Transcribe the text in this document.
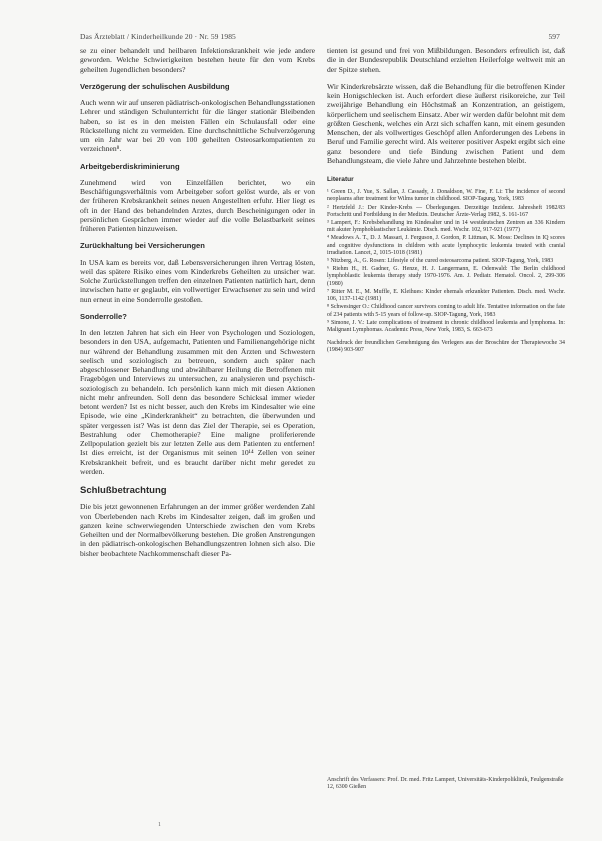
Das Ärzteblatt / Kinderheilkunde 20 · Nr. 59 1985	597

se zu einer behandelt und heilbaren Infektionskrankheit wie jede andere geworden. Welche Schwierigkeiten bestehen heute für den vom Krebs geheilten Jugendlichen besonders?

Verzögerung der schulischen Ausbildung

Auch wenn wir auf unseren pädiatrisch-onkologischen Behandlungsstationen Lehrer und ständigen Schulunterricht für die länger stationär Bleibenden haben, so ist es in den meisten Fällen ein Schulausfall oder eine Rückstellung nicht zu vermeiden. Eine durchschnittliche Schulverzögerung um ein Jahr war bei 20 von 100 geheilten Osteosarkompatienten zu verzeichnen⁸.

Arbeitgeberdiskriminierung

Zunehmend wird von Einzelfällen berichtet, wo ein Beschäftigungsverhältnis vom Arbeitgeber sofort gelöst wurde, als er von der früheren Krebskrankheit seines neuen Angestellten erfuhr. Hier liegt es oft in der Hand des behandelnden Arztes, durch Bescheinigungen oder in persönlichen Gesprächen immer wieder auf die volle Belastbarkeit seines früheren Patienten hinzuweisen.

Zurückhaltung bei Versicherungen

In USA kam es bereits vor, daß Lebensversicherungen ihren Vertrag lösten, weil das spätere Risiko eines vom Kinderkrebs Geheilten zu unsicher war. Solche Zurückstellungen treffen den einzelnen Patienten natürlich hart, denn inzwischen hatte er geglaubt, ein vollwertiger Erwachsener zu sein und wird nun erneut in eine Sonderrolle gestoßen.

Sonderrolle?

In den letzten Jahren hat sich ein Heer von Psychologen und Soziologen, besonders in den USA, aufgemacht, Patienten und Familienangehörige nicht nur während der Behandlung zusammen mit den Ärzten und Schwestern seelisch und soziologisch zu betreuen, sondern auch später nach abgeschlossener Behandlung und abwählbarer Heilung die Betroffenen mit Fragebögen und Interviews zu untersuchen, zu analysieren und psychisch-soziologisch zu behandeln. Ich persönlich kann mich mit diesen Aktionen nicht mehr anfreunden. Soll denn das besondere Schicksal immer wieder betont werden? Ist es nicht besser, auch den Krebs im Kindesalter wie eine Episode, wie eine „Kinderkrankheit“ zu betrachten, die überwunden und später vergessen ist? Was ist denn das Ziel der Therapie, sei es Operation, Bestrahlung oder Chemotherapie? Eine maligne proliferierende Zellpopulation gezielt bis zur letzten Zelle aus dem Patienten zu entfernen! Ist dies erreicht, ist der Organismus mit seinen 10¹⁴ Zellen von seiner Krebskrankheit befreit, und es braucht darüber nicht mehr geredet zu werden.

Schlußbetrachtung

Die bis jetzt gewonnenen Erfahrungen an der immer größer werdenden Zahl von Überlebenden nach Krebs im Kindesalter zeigen, daß im großen und ganzen keine schwerwiegenden Unterschiede zwischen den vom Krebs Geheilten und der Normalbevölkerung bestehen. Die großen Anstrengungen in den pädiatrisch-onkologischen Behandlungszentren lohnen sich also. Die bisher beobachtete Nachkommenschaft dieser Pa-

tienten ist gesund und frei von Mißbildungen. Besonders erfreulich ist, daß die in der Bundesrepublik Deutschland erzielten Heilerfolge weltweit mit an der Spitze stehen.

Wir Kinderkrebsärzte wissen, daß die Behandlung für die betroffenen Kinder kein Honigschlecken ist. Auch erfordert diese äußerst risikoreiche, zur Teil zweijährige Behandlung ein Höchstmaß an Konzentration, an geistigem, körperlichem und seelischem Einsatz. Aber wir werden dafür belohnt mit dem größten Geschenk, welches ein Arzt sich schaffen kann, mit einem gesunden Menschen, der als vollwertiges Geschöpf allen Anforderungen des Lebens in Beruf und Familie gerecht wird. Als weiterer positiver Aspekt ergibt sich eine ganz besondere und tiefe Bindung zwischen Patient und dem Behandlungsteam, die viele Jahre und Jahrzehnte bestehen bleibt.

Literatur
¹ Green D., J. Yue, S. Sallan, J. Cassady, J. Donaldson, W. Fine, F. Li: The incidence of second neoplasms after treatment for Wilms tumor in childhood. SIOP-Tagung, York, 1983
² Hertzfeld J.: Der Kinder-Krebs — Überlegungen. Derzeitige Inzidenz. Jahresheft 1982/83 Fortschritt und Fortbildung in der Medizin. Deutscher Ärzte-Verlag 1982, S. 161-167
³ Lampert, F.: Krebsbehandlung im Kindesalter und in 14 westdeutschen Zentren an 336 Kindern mit akuter lymphoblastischer Leukämie. Dtsch. med. Wschr. 102, 917-921 (1977)
⁴ Meadows A. T., D. J. Massari, J. Ferguson, J. Gordon, P. Littman, K. Moss: Declines in IQ scores and cognitive dysfunctions in children with acute lymphocytic leukemia treated with cranial irradiation. Lancet, 2, 1015-1018 (1981)
⁵ Nitzberg, A., G. Rosen: Lifestyle of the cured osteosarcoma patient. SIOP-Tagung, York, 1983
⁶ Riehm H., H. Gadner, G. Henze, H. J. Langermann, E. Odenwald: The Berlin childhood lymphoblastic leukemia therapy study 1970-1976. Am. J. Pediatr. Hematol. Oncol. 2, 299-306 (1980)
⁷ Ritter M. E., M. Muffle, E. Kleihues: Kinder ehemals erkrankter Patienten. Dtsch. med. Wschr. 106, 1137-1142 (1981)
⁸ Schwesinger O.: Childhood cancer survivors coming to adult life. Tentative information on the fate of 234 patients with 5-15 years of follow-up. SIOP-Tagung, York, 1983
⁹ Simone, J. V.: Late complications of treatment in chronic childhood leukemia and lymphoma. In: Malignant Lymphomas. Academic Press, New York, 1983, S. 663-673
Nachdruck der freundlichen Genehmigung des Verlegers aus der Broschüre der Therapiewoche 34 (1984) 903-907
Anschrift des Verfassers: Prof. Dr. med. Fritz Lampert, Universitäts-Kinderpoliklinik, Feulgenstraße 12, 6300 Gießen
1
